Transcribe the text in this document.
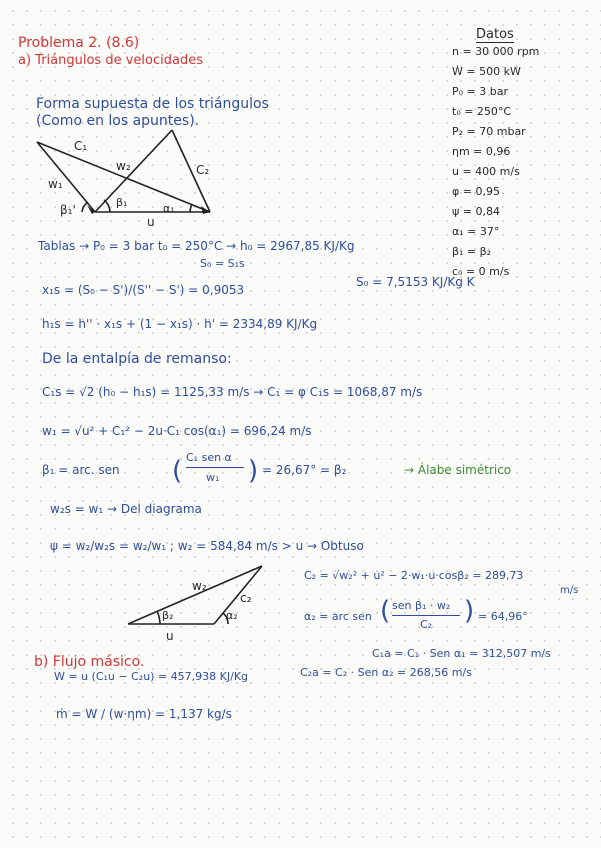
Problema 2. (8.6)
a) Triángulos de velocidades
Datos
n = 30 000 rpm
Ẇ = 500 kW
P₀ = 3 bar
t₀ = 250°C
P₂ = 70 mbar
ηm = 0,96
u = 400 m/s
φ = 0,95
ψ = 0,84
α₁ = 37°
β₁ = β₂
c₀ = 0 m/s
Forma supuesta de los triángulos
(Como en los apuntes).
C₁
w₂	C₂
w₁
β₁'
β₁
u
α₁
Tablas → P₀ = 3 bar t₀ = 250°C → h₀ = 2967,85 KJ/Kg
S₀ = S₁s
x₁s = (S₀ − S')/(S'' − S') = 0,9053
S₀ = 7,5153 KJ/Kg K
h₁s = h'' · x₁s + (1 − x₁s) · h' = 2334,89 KJ/Kg
De la entalpía de remanso:
C₁s = √2 (h₀ − h₁s) = 1125,33 m/s → C₁ = φ C₁s = 1068,87 m/s
w₁ = √u² + C₁² − 2u·C₁ cos(α₁) = 696,24 m/s
β₁ = arc. sen ( C₁ sen α
w₁ ) = 26,67° = β₂	→ Álabe simétrico
w₂s = w₁ → Del diagrama
ψ = w₂/w₂s = w₂/w₁ ; w₂ = 584,84 m/s > u → Obtuso
w₂
c₂
β₂	α₂
u
C₂ = √w₂² + u² − 2·w₁·u·cosβ₂ = 289,73
m/s
α₂ = arc sen ( sen β₁ · w₂
C₂ ) = 64,96°
C₁a = C₁ · Sen α₁ = 312,507 m/s
C₂a = C₂ · Sen α₂ = 268,56 m/s
b) Flujo másico.
W = u (C₁u − C₂u) = 457,938 KJ/Kg
ṁ = W / (w·ηm) = 1,137 kg/s
